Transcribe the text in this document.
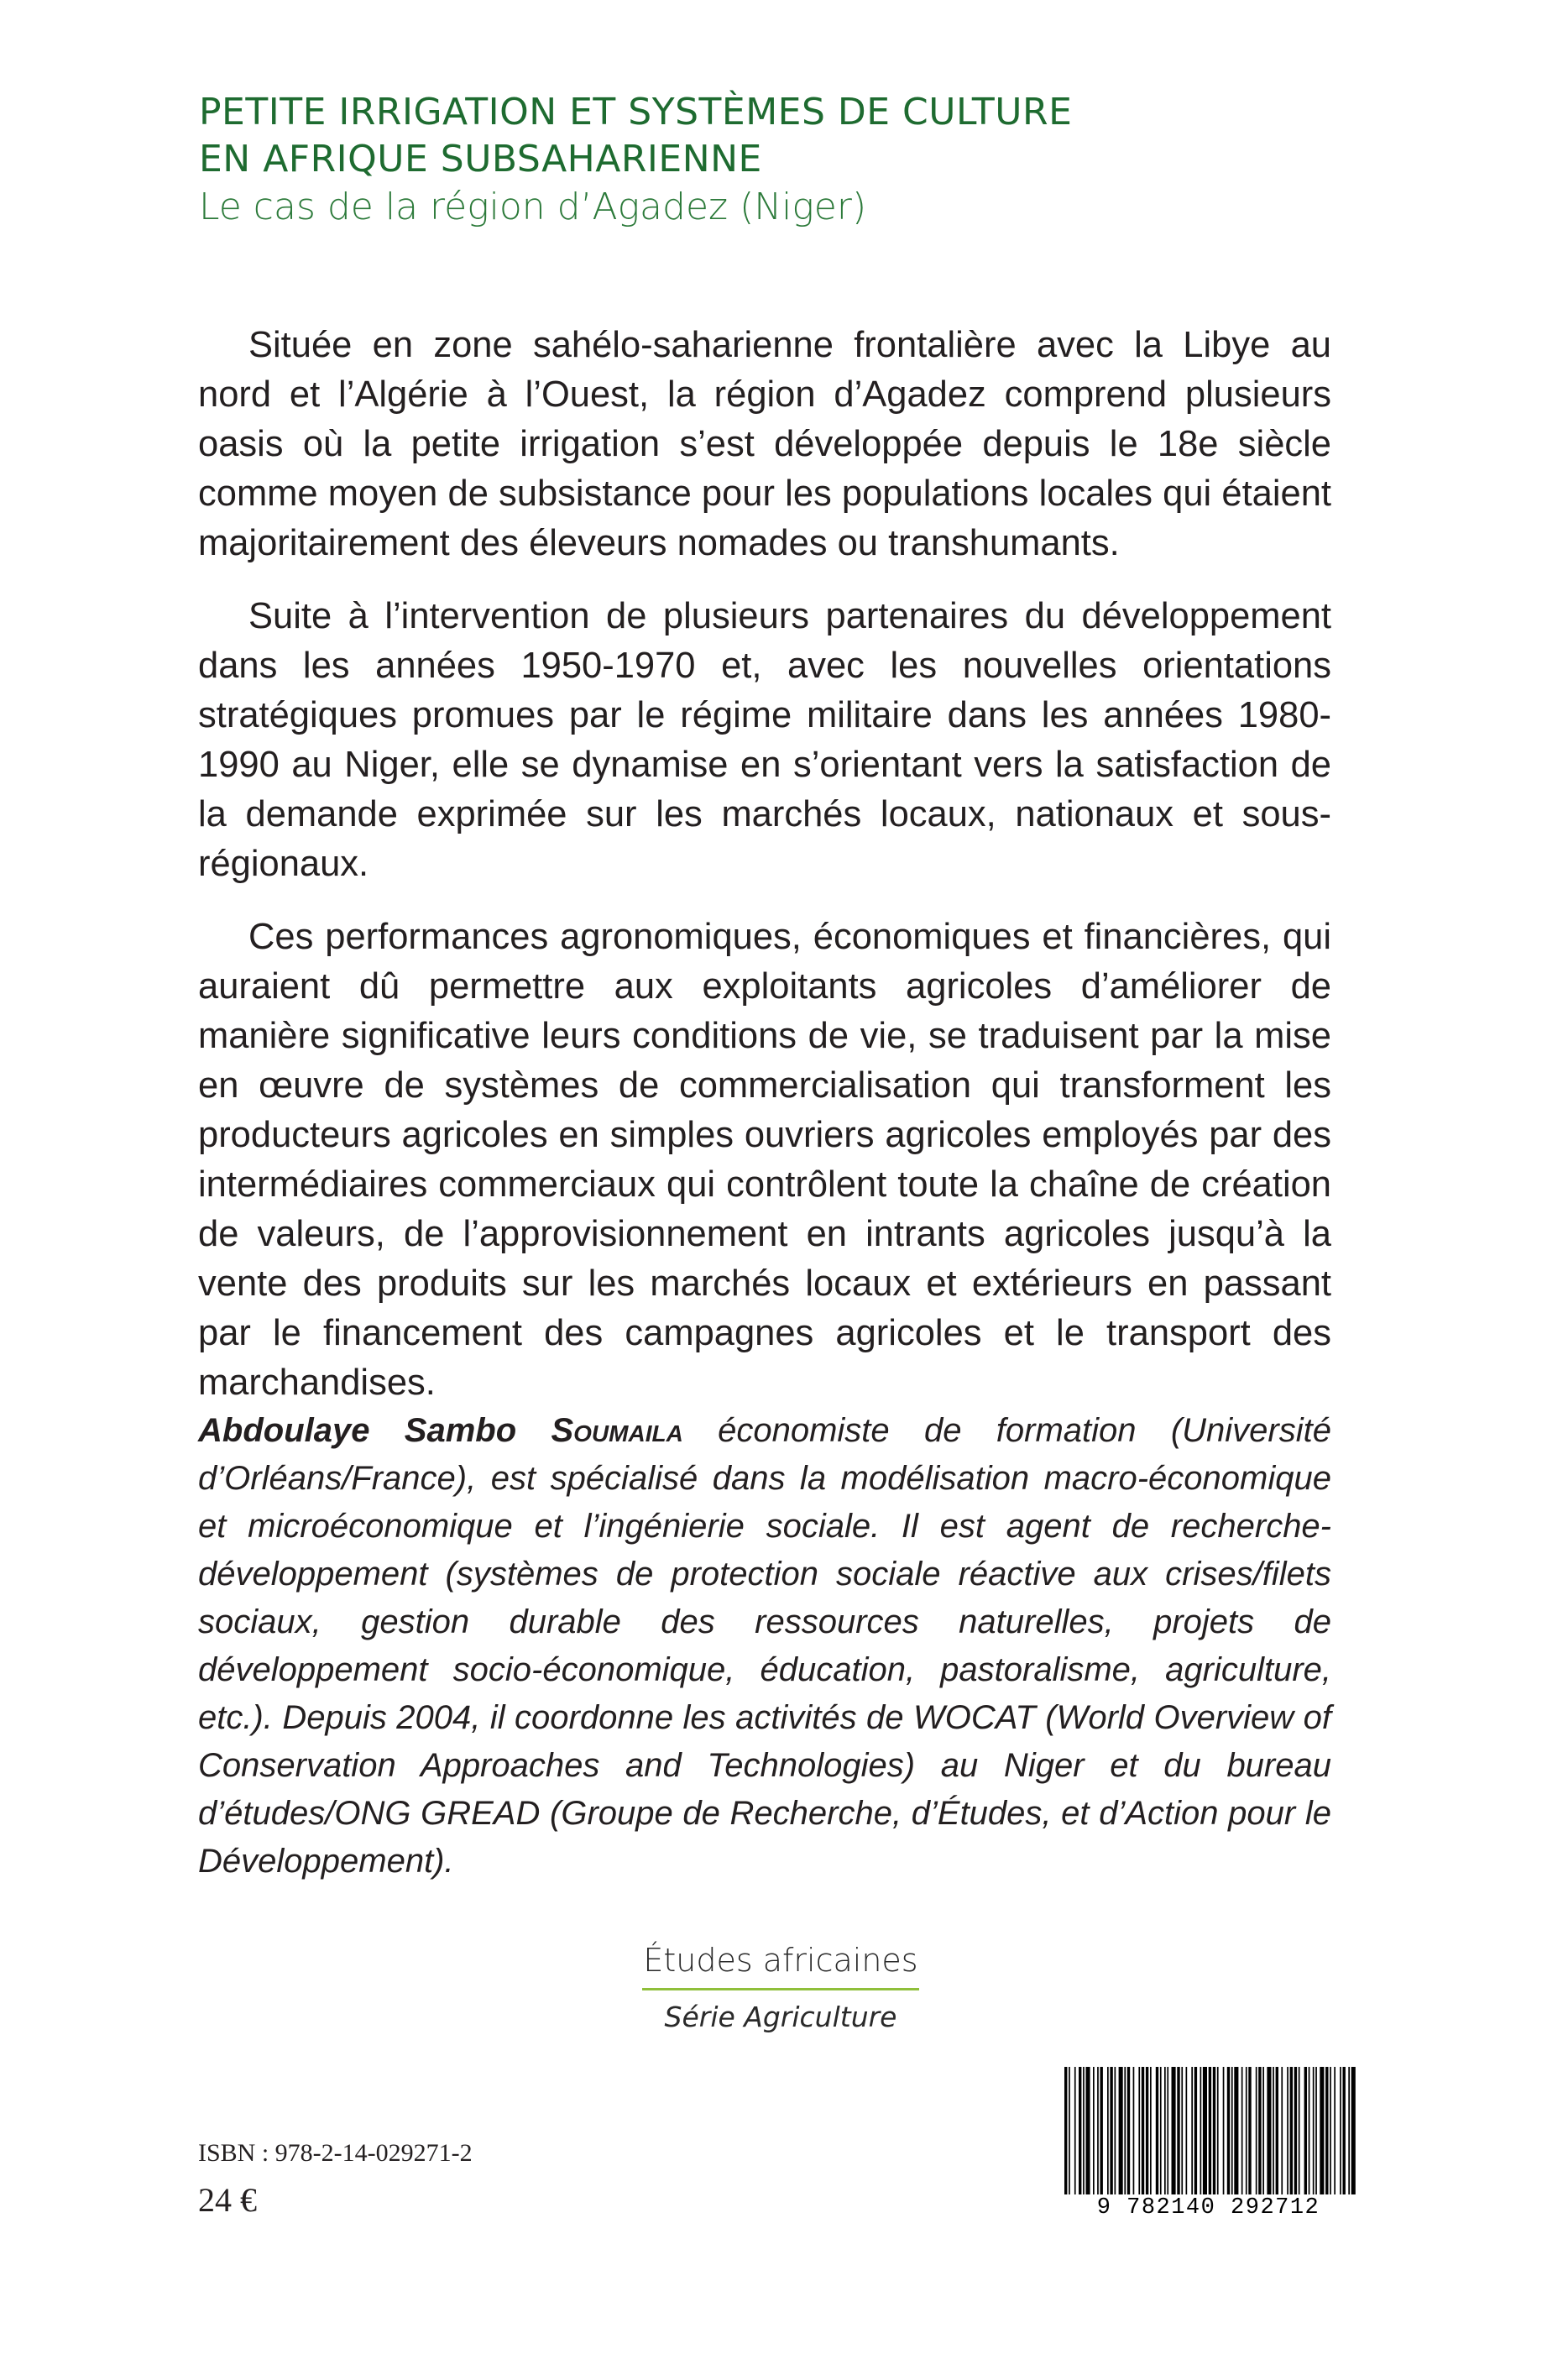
PETITE IRRIGATION ET SYSTÈMES DE CULTURE
EN AFRIQUE SUBSAHARIENNE
Le cas de la région d’Agadez (Niger)

Située en zone sahélo-saharienne frontalière avec la Libye au nord et l’Algérie à l’Ouest, la région d’Agadez comprend plusieurs oasis où la petite irrigation s’est développée depuis le 18e siècle comme moyen de subsistance pour les populations locales qui étaient majoritairement des éleveurs nomades ou transhumants.

Suite à l’intervention de plusieurs partenaires du développement dans les années 1950-1970 et, avec les nouvelles orientations stratégiques promues par le régime militaire dans les années 1980-1990 au Niger, elle se dynamise en s’orientant vers la satisfaction de la demande exprimée sur les marchés locaux, nationaux et sous-régionaux.

Ces performances agronomiques, économiques et financières, qui auraient dû permettre aux exploitants agricoles d’améliorer de manière significative leurs conditions de vie, se traduisent par la mise en œuvre de systèmes de commercialisation qui transforment les producteurs agricoles en simples ouvriers agricoles employés par des intermédiaires commerciaux qui contrôlent toute la chaîne de création de valeurs, de l’approvisionnement en intrants agricoles jusqu’à la vente des produits sur les marchés locaux et extérieurs en passant par le financement des campagnes agricoles et le transport des marchandises.

Abdoulaye Sambo Soumaila économiste de formation (Université d’Orléans/France), est spécialisé dans la modélisation macro-économique et microéconomique et l’ingénierie sociale. Il est agent de recherche-développement (systèmes de protection sociale réactive aux crises/filets sociaux, gestion durable des ressources naturelles, projets de développement socio-économique, éducation, pastoralisme, agriculture, etc.). Depuis 2004, il coordonne les activités de WOCAT (World Overview of Conservation Approaches and Technologies) au Niger et du bureau d’études/ONG GREAD (Groupe de Recherche, d’Études, et d’Action pour le Développement).
Études africaines
Série Agriculture
ISBN : 978-2-14-029271-2
24 €	9 782140 292712
